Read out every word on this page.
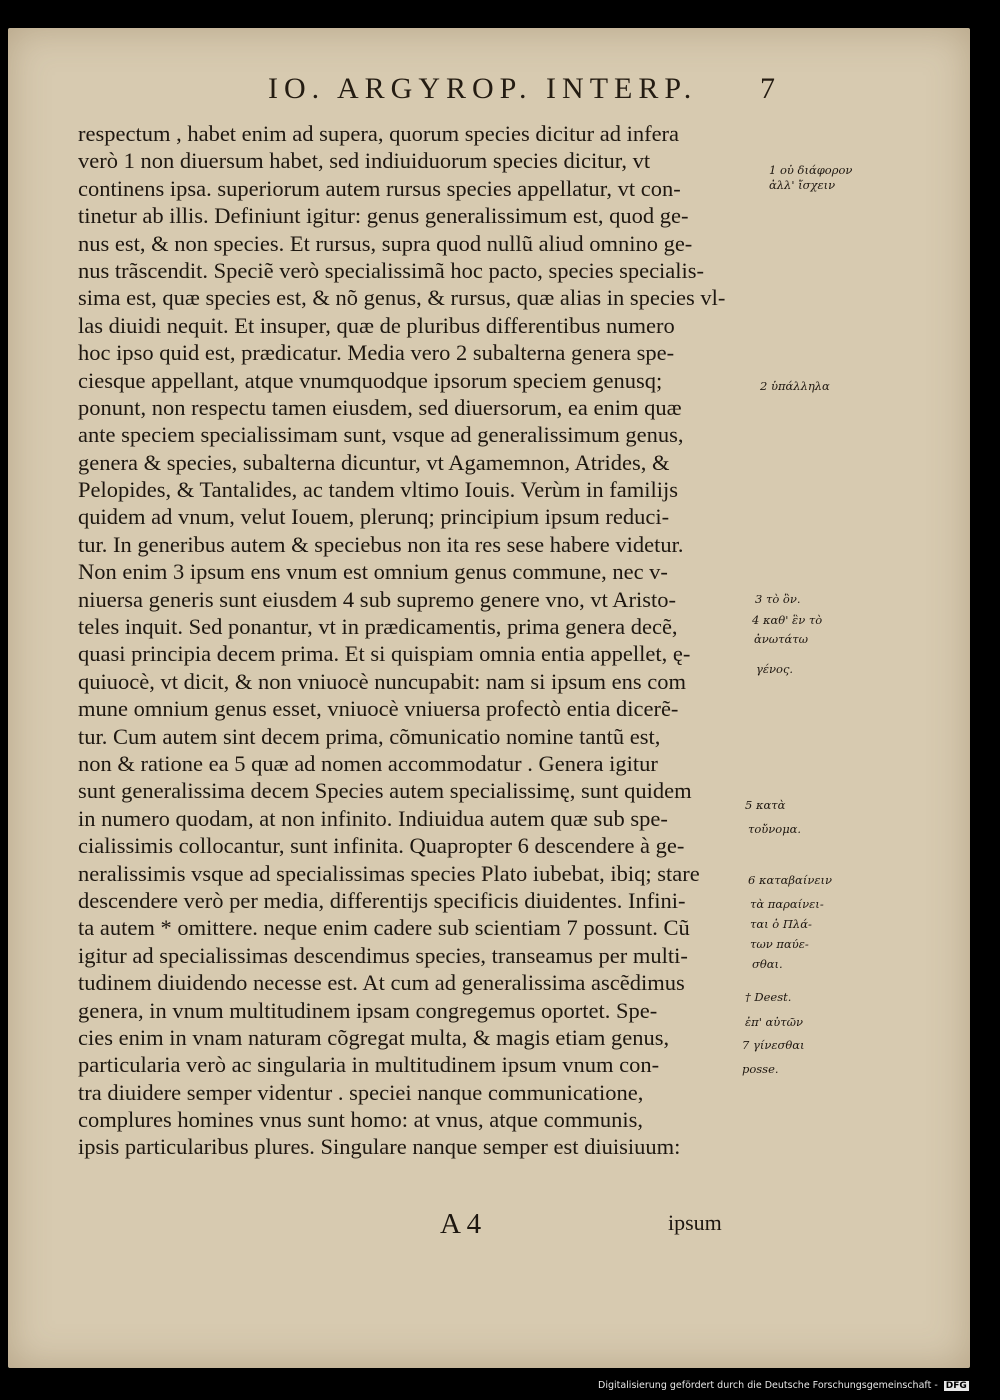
IO. ARGYROP. INTERP. 7
respectum , habet enim ad supera, quorum species dicitur ad infera
verò 1 non diuersum habet, sed indiuiduorum species dicitur, vt
continens ipsa. superiorum autem rursus species appellatur, vt con-
tinetur ab illis. Definiunt igitur: genus generalissimum est, quod ge-
nus est, & non species. Et rursus, supra quod nullũ aliud omnino ge-
nus trãscendit. Speciẽ verò specialissimã hoc pacto, species specialis-
sima est, quæ species est, & nõ genus, & rursus, quæ alias in species vl-
las diuidi nequit. Et insuper, quæ de pluribus differentibus numero
hoc ipso quid est, prædicatur. Media vero 2 subalterna genera spe-
ciesque appellant, atque vnumquodque ipsorum speciem genusq;
ponunt, non respectu tamen eiusdem, sed diuersorum, ea enim quæ
ante speciem specialissimam sunt, vsque ad generalissimum genus,
genera & species, subalterna dicuntur, vt Agamemnon, Atrides, &
Pelopides, & Tantalides, ac tandem vltimo Iouis. Verùm in familijs
quidem ad vnum, velut Iouem, plerunq; principium ipsum reduci-
tur. In generibus autem & speciebus non ita res sese habere videtur.
Non enim 3 ipsum ens vnum est omnium genus commune, nec v-
niuersa generis sunt eiusdem 4 sub supremo genere vno, vt Aristo-
teles inquit. Sed ponantur, vt in prædicamentis, prima genera decẽ,
quasi principia decem prima. Et si quispiam omnia entia appellet, ę-
quiuocè, vt dicit, & non vniuocè nuncupabit: nam si ipsum ens com
mune omnium genus esset, vniuocè vniuersa profectò entia dicerẽ-
tur. Cum autem sint decem prima, cõmunicatio nomine tantũ est,
non & ratione ea 5 quæ ad nomen accommodatur . Genera igitur
sunt generalissima decem Species autem specialissimę, sunt quidem
in numero quodam, at non infinito. Indiuidua autem quæ sub spe-
cialissimis collocantur, sunt infinita. Quapropter 6 descendere à ge-
neralissimis vsque ad specialissimas species Plato iubebat, ibiq; stare
descendere verò per media, differentijs specificis diuidentes. Infini-
ta autem * omittere. neque enim cadere sub scientiam 7 possunt. Cũ
igitur ad specialissimas descendimus species, transeamus per multi-
tudinem diuidendo necesse est. At cum ad generalissima ascẽdimus
genera, in vnum multitudinem ipsam congregemus oportet. Spe-
cies enim in vnam naturam cõgregat multa, & magis etiam genus,
particularia verò ac singularia in multitudinem ipsum vnum con-
tra diuidere semper videntur . speciei nanque communicatione,
complures homines vnus sunt homo: at vnus, atque communis,
ipsis particularibus plures. Singulare nanque semper est diuisiuum:
1 οὐ διάφορον
ἀλλ' ἴσχειν
2 ὑπάλληλα
3 τὸ ὂν.
4 καθ' ἓν τὸ
ἀνωτάτω
γένος.
5 κατὰ
τοὔνομα.
6 καταβαίνειν
τὰ παραίνει-
ται ὁ Πλά-
των παύε-
σθαι.
† Deest.
ἐπ' αὐτῶν
7 γίνεσθαι
posse.
A 4	ipsum
Digitalisierung gefördert durch die Deutsche Forschungsgemeinschaft - DFG
